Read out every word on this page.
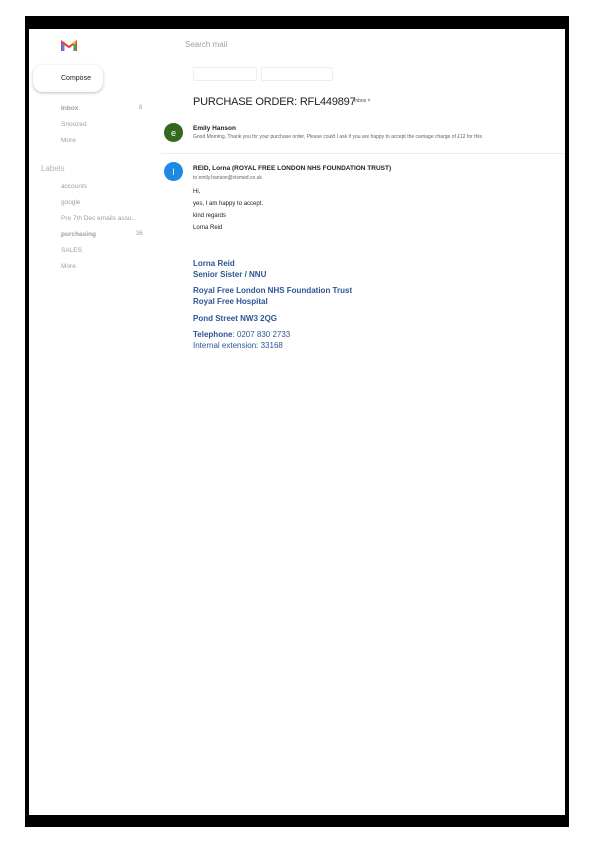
Search mail
Compose
Inbox	8
Snoozed
More
Labels
accounts
google
Pre 7th Dec emails assu...
purchasing	36
SALES
More
PURCHASE ORDER: RFL449897
Inbox ×
e	Emily Hanson
Good Morning, Thank you for your purchase order, Please could I ask if you are happy to accept the carriage charge of £12 for this
l	REID, Lorna (ROYAL FREE LONDON NHS FOUNDATION TRUST)
to emily.hanson@vismed.co.uk
Hi,
yes, I am happy to accept.
kind regards
Lorna Reid
Lorna Reid
Senior Sister / NNU
Royal Free London NHS Foundation Trust
Royal Free Hospital
Pond Street NW3 2QG
Telephone: 0207 830 2733
Internal extension: 33168
